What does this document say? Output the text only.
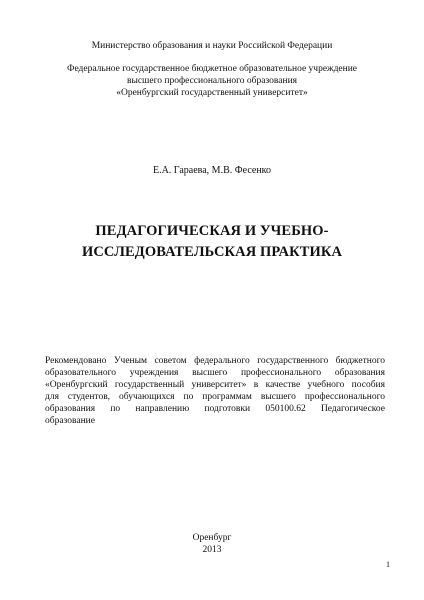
Министерство образования и науки Российской Федерации
Федеральное государственное бюджетное образовательное учреждение
высшего профессионального образования
«Оренбургский государственный университет»
Е.А. Гараева, М.В. Фесенко
ПЕДАГОГИЧЕСКАЯ И УЧЕБНО-
ИССЛЕДОВАТЕЛЬСКАЯ ПРАКТИКА
Рекомендовано Ученым советом федерального государственного бюджетного
образовательного учреждения высшего профессионального образования
«Оренбургский государственный университет» в качестве учебного пособия
для студентов, обучающихся по программам высшего профессионального
образования по направлению подготовки 050100.62 Педагогическое
образование
Оренбург
2013
1
